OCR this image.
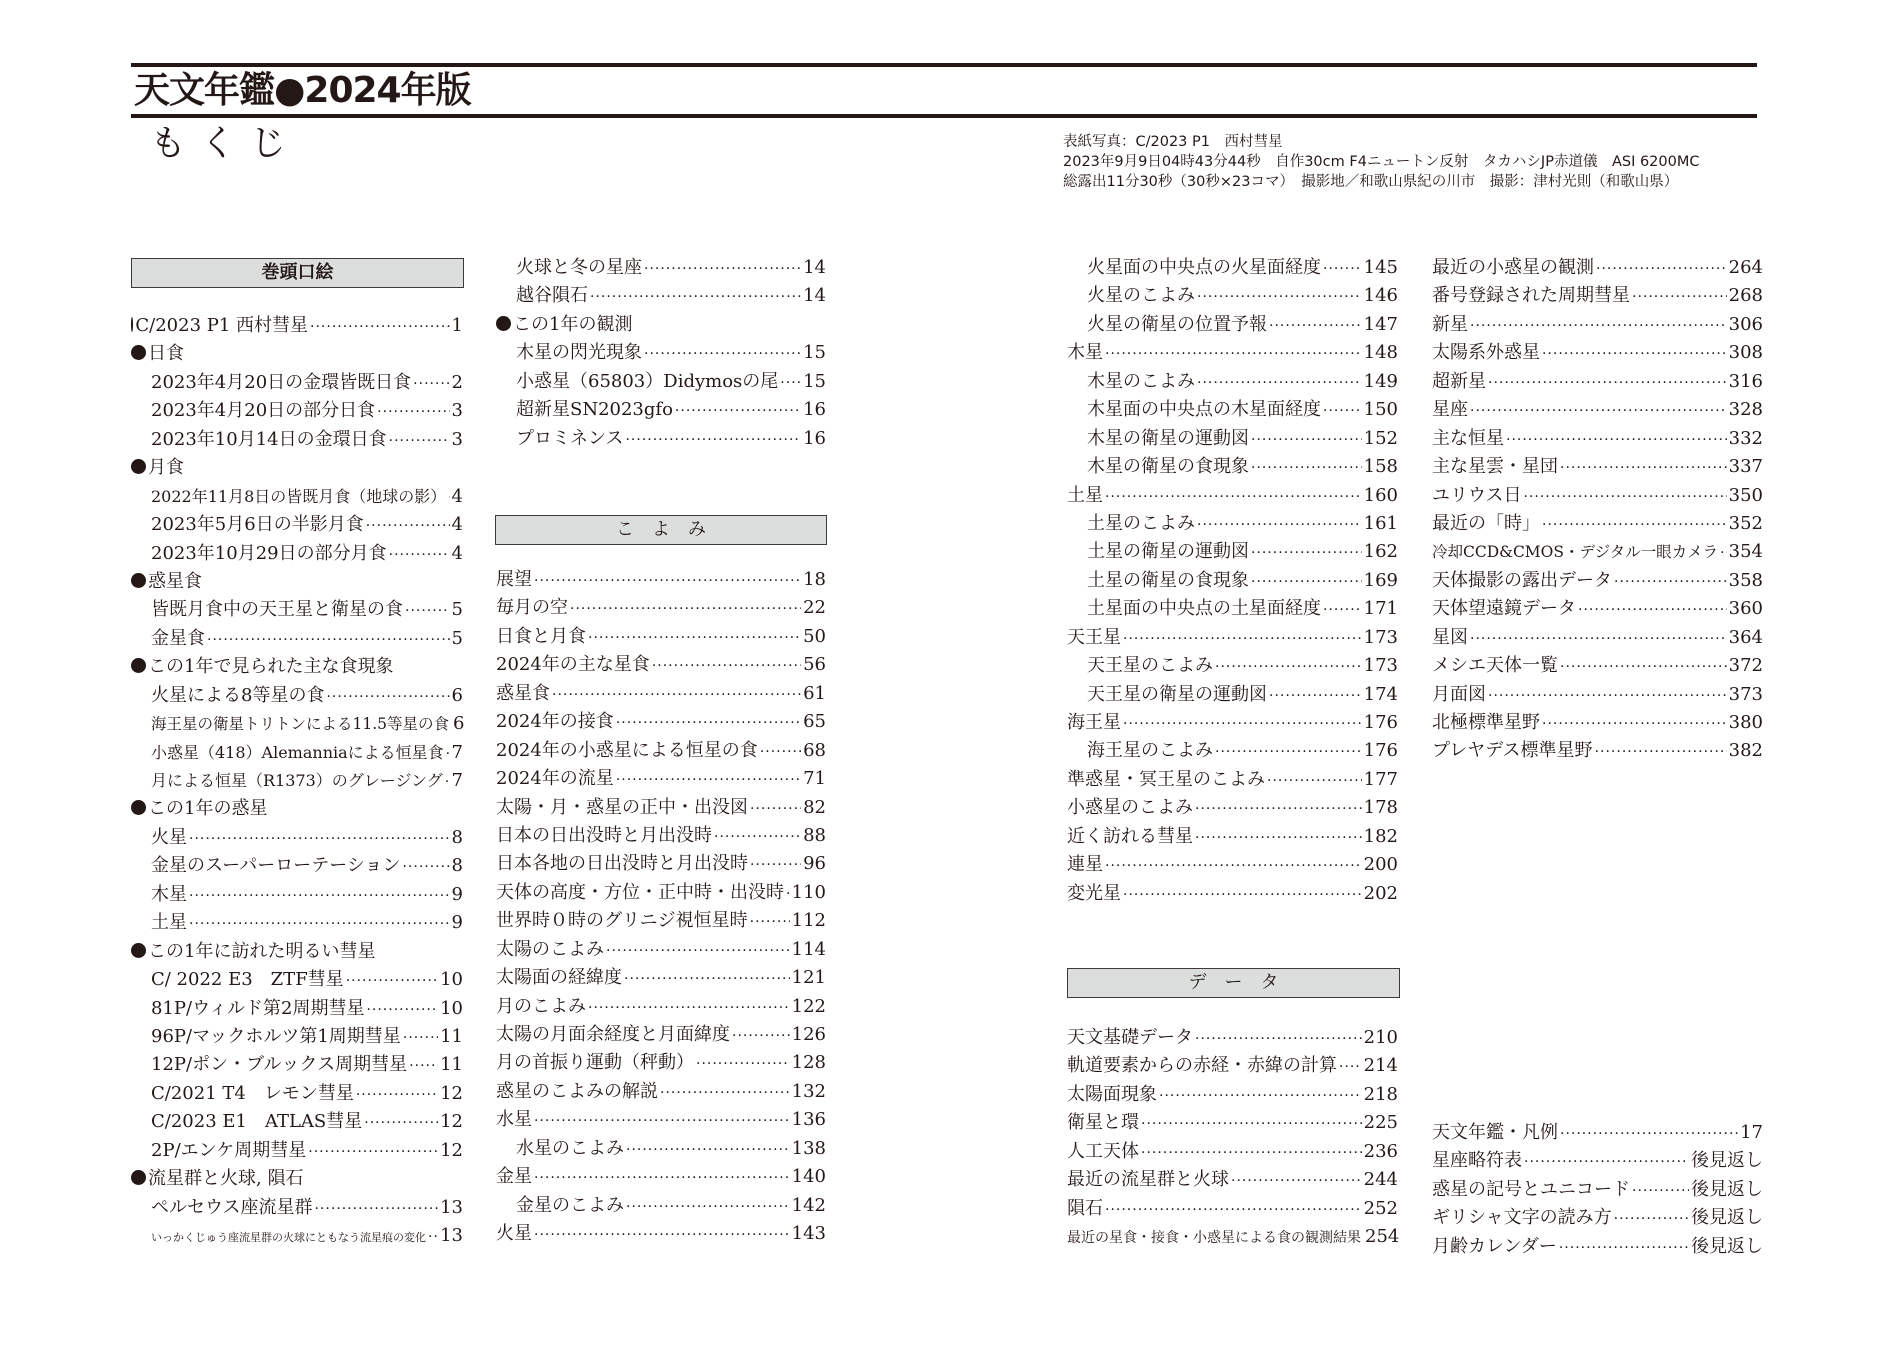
天文年鑑●2024年版
もくじ	表紙写真：C/2023 P1　西村彗星
2023年9月9日04時43分44秒　自作30cm F4ニュートン反射　タカハシJP赤道儀　ASI 6200MC
総露出11分30秒（30秒×23コマ）　撮影地／和歌山県紀の川市　撮影：津村光則（和歌山県）
巻頭口絵
こよみ
データ
C/2023 P1 西村彗星 ·····	1
日食
2023年4月20日の金環皆既日食 ····· 2
2023年4月20日の部分日食 ·····	3
2023年10月14日の金環日食 ·····	3
月食
2022年11月8日の皆既月食（地球の影） ····· 4
2023年5月6日の半影月食 ·····	4
2023年10月29日の部分月食 ·····	4
惑星食
皆既月食中の天王星と衛星の食 ·····	5
金星食 ·····	5
この1年で見られた主な食現象
火星による8等星の食 ·····	6
海王星の衛星トリトンによる11.5等星の食 6
小惑星（418）Alemanniaによる恒星食 ····· 7
月による恒星（R1373）のグレージング ····· 7
この1年の惑星
火星 ·····	8
金星のスーパーローテーション ·····	8
木星 ·····	9
土星 ·····	9
この1年に訪れた明るい彗星
C/ 2022 E3　ZTF彗星 ·····	10
81P/ウィルド第2周期彗星 ·····	10
96P/マックホルツ第1周期彗星 ····· 11
12P/ポン・ブルックス周期彗星 ····· 11
C/2021 T4　レモン彗星 ·····	12
C/2023 E1　ATLAS彗星 ·····	12
2P/エンケ周期彗星 ·····	12
流星群と火球, 隕石
ペルセウス座流星群 ·····	13
いっかくじゅう座流星群の火球にともなう流星痕の変化 ····· 13
火球と冬の星座 ·····	14
越谷隕石 ·····	14
この1年の観測
木星の閃光現象 ·····	15
小惑星（65803）Didymosの尾 ····· 15
超新星SN2023gfo ·····	16
プロミネンス ·····	16
展望 ·····	18
毎月の空 ·····	22
日食と月食 ·····	50
2024年の主な星食 ·····	56
惑星食 ·····	61
2024年の接食 ·····	65
2024年の小惑星による恒星の食 ·····	68
2024年の流星 ·····	71
太陽・月・惑星の正中・出没図 ·····	82
日本の日出没時と月出没時 ·····	88
日本各地の日出没時と月出没時 ·····	96
天体の高度・方位・正中時・出没時 ····· 110
世界時０時のグリニジ視恒星時 ····· 112
太陽のこよみ ·····	114
太陽面の経緯度 ·····	121
月のこよみ ·····	122
太陽の月面余経度と月面緯度 ·····	126
月の首振り運動（秤動） ·····	128
惑星のこよみの解説 ·····	132
水星 ·····	136
水星のこよみ ·····	138
金星 ·····	140
金星のこよみ ·····	142
火星 ·····	143
火星面の中央点の火星面経度 ····· 145
火星のこよみ ·····	146
火星の衛星の位置予報 ·····	147
木星 ·····	148
木星のこよみ ·····	149
木星面の中央点の木星面経度 ····· 150
木星の衛星の運動図 ·····	152
木星の衛星の食現象 ·····	158
土星 ·····	160
土星のこよみ ·····	161
土星の衛星の運動図 ·····	162
土星の衛星の食現象 ·····	169
土星面の中央点の土星面経度 ····· 171
天王星 ·····	173
天王星のこよみ ·····	173
天王星の衛星の運動図 ·····	174
海王星 ·····	176
海王星のこよみ ·····	176
準惑星・冥王星のこよみ ·····	177
小惑星のこよみ ·····	178
近く訪れる彗星 ·····	182
連星 ·····	200
変光星 ·····	202
天文基礎データ ·····	210
軌道要素からの赤経・赤緯の計算 ····· 214
太陽面現象 ·····	218
衛星と環 ·····	225
人工天体 ·····	236
最近の流星群と火球 ·····	244
隕石 ·····	252
最近の星食・接食・小惑星による食の観測結果 254
最近の小惑星の観測 ·····	264
番号登録された周期彗星 ·····	268
新星 ·····	306
太陽系外惑星 ·····	308
超新星 ·····	316
星座 ·····	328
主な恒星 ·····	332
主な星雲・星団 ·····	337
ユリウス日 ·····	350
最近の「時」 ·····	352
冷却CCD&CMOS・デジタル一眼カメラ ····· 354
天体撮影の露出データ ·····	358
天体望遠鏡データ ·····	360
星図 ·····	364
メシエ天体一覧 ·····	372
月面図 ·····	373
北極標準星野 ·····	380
プレヤデス標準星野 ·····	382
天文年鑑・凡例 ·····	17
星座略符表 ·····	後見返し
惑星の記号とユニコード ·····	後見返し
ギリシャ文字の読み方 ·····	後見返し
月齢カレンダー ·····	後見返し
